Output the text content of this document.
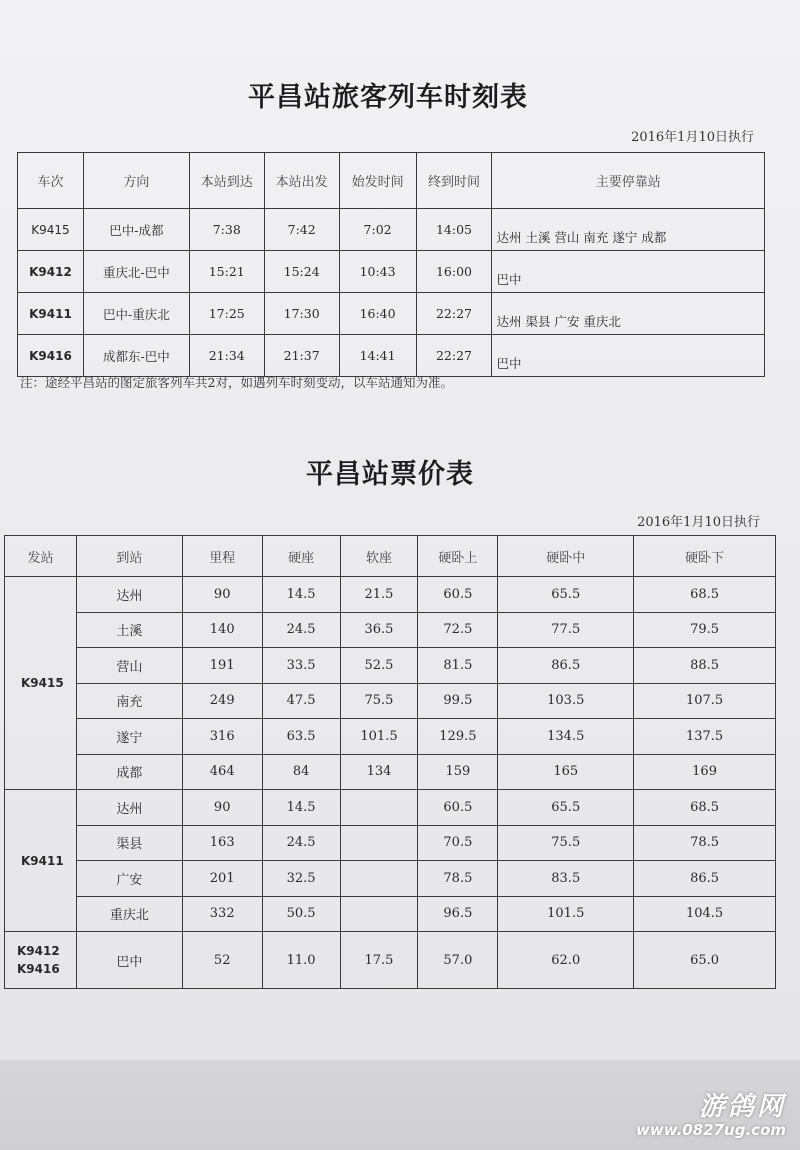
平昌站旅客列车时刻表
2016年1月10日执行
车次	方向	本站到达	本站出发	始发时间	终到时间	主要停靠站
K9415	巴中-成都	7:38	7:42	7:02	14:05	达州 土溪 营山 南充 遂宁 成都
K9412	重庆北-巴中	15:21	15:24	10:43	16:00	巴中
K9411	巴中-重庆北	17:25	17:30	16:40	22:27	达州 渠县 广安 重庆北
K9416	成都东-巴中	21:34	21:37	14:41	22:27	巴中
注：途经平昌站的图定旅客列车共2对，如遇列车时刻变动，以车站通知为准。
平昌站票价表
2016年1月10日执行
发站	到站	里程	硬座	软座	硬卧上	硬卧中	硬卧下
K9415	达州	90	14.5	21.5	60.5	65.5	68.5
	土溪	140	24.5	36.5	72.5	77.5	79.5
	营山	191	33.5	52.5	81.5	86.5	88.5
	南充	249	47.5	75.5	99.5	103.5	107.5
	遂宁	316	63.5	101.5	129.5	134.5	137.5
	成都	464	84	134	159	165	169
K9411	达州	90	14.5		60.5	65.5	68.5
	渠县	163	24.5		70.5	75.5	78.5
	广安	201	32.5		78.5	83.5	86.5
	重庆北	332	50.5		96.5	101.5	104.5

K9412
K9416	巴中	52	11.0	17.5	57.0	62.0	65.0
游鸽网
www.0827ug.com
